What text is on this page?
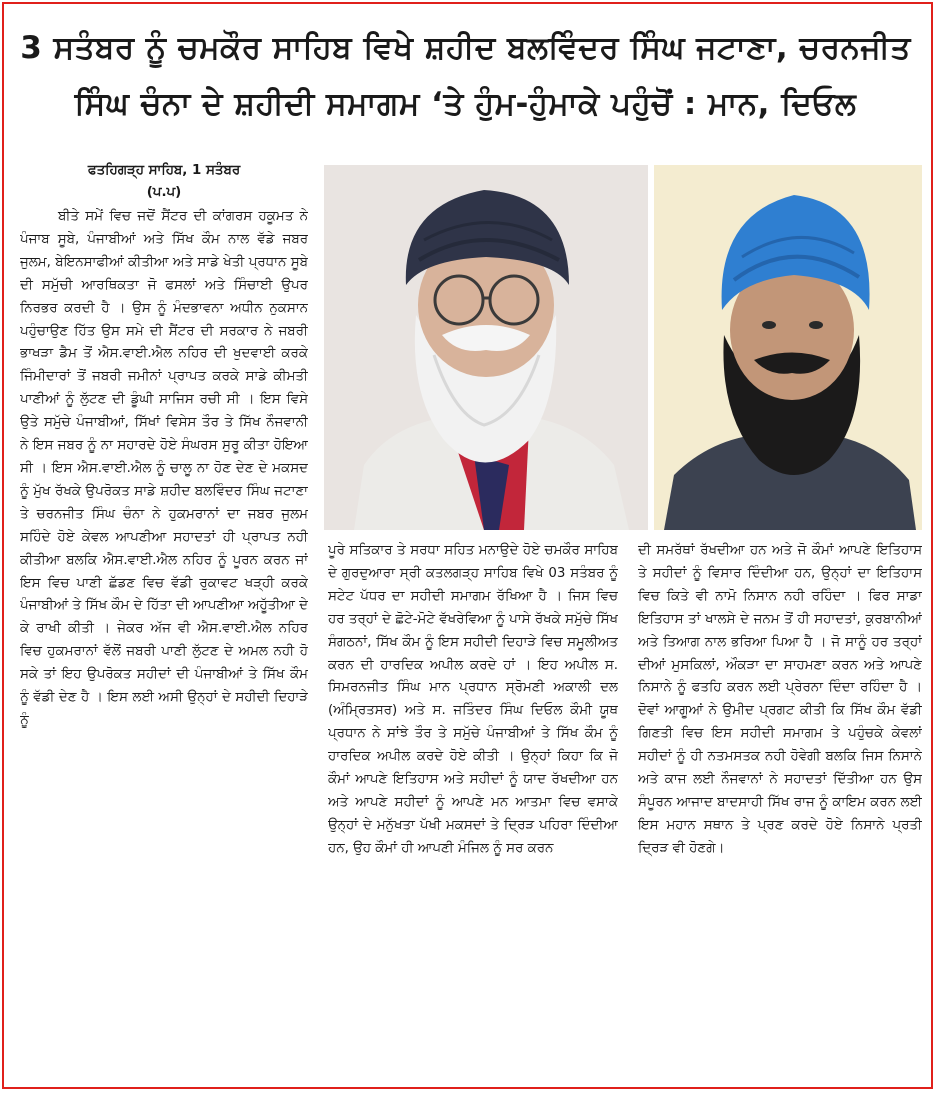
3 ਸਤੰਬਰ ਨੂੰ ਚਮਕੌਰ ਸਾਹਿਬ ਵਿਖੇ ਸ਼ਹੀਦ ਬਲਵਿੰਦਰ ਸਿੰਘ ਜਟਾਣਾ, ਚਰਨਜੀਤ
ਸਿੰਘ ਚੰਨਾ ਦੇ ਸ਼ਹੀਦੀ ਸਮਾਗਮ ‘ਤੇ ਹੁੰਮ-ਹੁੰਮਾਕੇ ਪਹੁੰਚੋਂ : ਮਾਨ, ਦਿਓਲ
ਫਤਹਿਗੜ੍ਹ ਸਾਹਿਬ, 1 ਸਤੰਬਰ
(ਪ.ਪ)

ਬੀਤੇ ਸਮੇਂ ਵਿਚ ਜਦੋਂ ਸੈਂਟਰ ਦੀ ਕਾਂਗਰਸ ਹਕੂਮਤ ਨੇ ਪੰਜਾਬ ਸੂਬੇ, ਪੰਜਾਬੀਆਂ ਅਤੇ ਸਿੱਖ ਕੌਮ ਨਾਲ ਵੱਡੇ ਜਬਰ ਜੁਲਮ, ਬੇਇਨਸਾਫੀਆਂ ਕੀਤੀਆ ਅਤੇ ਸਾਡੇ ਖੇਤੀ ਪ੍ਰਧਾਨ ਸੂਬੇ ਦੀ ਸਮੁੱਚੀ ਆਰਥਿਕਤਾ ਜੋ ਫਸਲਾਂ ਅਤੇ ਸਿੰਚਾਈ ਉਪਰ ਨਿਰਭਰ ਕਰਦੀ ਹੈ । ਉਸ ਨੂੰ ਮੰਦਭਾਵਨਾ ਅਧੀਨ ਨੁਕਸਾਨ ਪਹੁੰਚਾਉਣ ਹਿੱਤ ਉਸ ਸਮੇ ਦੀ ਸੈਂਟਰ ਦੀ ਸਰਕਾਰ ਨੇ ਜਬਰੀ ਭਾਖੜਾ ਡੈਮ ਤੋਂ ਐਸ.ਵਾਈ.ਐਲ ਨਹਿਰ ਦੀ ਖੁਦਵਾਈ ਕਰਕੇ ਜਿੰਮੀਦਾਰਾਂ ਤੋਂ ਜਬਰੀ ਜਮੀਨਾਂ ਪ੍ਰਾਪਤ ਕਰਕੇ ਸਾਡੇ ਕੀਮਤੀ ਪਾਣੀਆਂ ਨੂੰ ਲੁੱਟਣ ਦੀ ਡੂੰਘੀ ਸਾਜਿਸ ਰਚੀ ਸੀ । ਇਸ ਵਿਸੇ ਉਤੇ ਸਮੁੱਚੇ ਪੰਜਾਬੀਆਂ, ਸਿੱਖਾਂ ਵਿਸੇਸ ਤੌਰ ਤੇ ਸਿੱਖ ਨੌਜਵਾਨੀ ਨੇ ਇਸ ਜਬਰ ਨੂੰ ਨਾ ਸਹਾਰਦੇ ਹੋਏ ਸੰਘਰਸ ਸੁਰੂ ਕੀਤਾ ਹੋਇਆ ਸੀ । ਇਸ ਐਸ.ਵਾਈ.ਐਲ ਨੂੰ ਚਾਲੂ ਨਾ ਹੋਣ ਦੇਣ ਦੇ ਮਕਸਦ ਨੂੰ ਮੁੱਖ ਰੱਖਕੇ ਉਪਰੋਕਤ ਸਾਡੇ ਸ਼ਹੀਦ ਬਲਵਿੰਦਰ ਸਿੰਘ ਜਟਾਣਾ ਤੇ ਚਰਨਜੀਤ ਸਿੰਘ ਚੰਨਾ ਨੇ ਹੁਕਮਰਾਨਾਂ ਦਾ ਜਬਰ ਜੁਲਮ ਸਹਿੰਦੇ ਹੋਏ ਕੇਵਲ ਆਪਣੀਆ ਸਹਾਦਤਾਂ ਹੀ ਪ੍ਰਾਪਤ ਨਹੀ ਕੀਤੀਆ ਬਲਕਿ ਐਸ.ਵਾਈ.ਐਲ ਨਹਿਰ ਨੂੰ ਪੂਰਨ ਕਰਨ ਜਾਂ ਇਸ ਵਿਚ ਪਾਣੀ ਛੱਡਣ ਵਿਚ ਵੱਡੀ ਰੁਕਾਵਟ ਖੜ੍ਹੀ ਕਰਕੇ ਪੰਜਾਬੀਆਂ ਤੇ ਸਿੱਖ ਕੌਮ ਦੇ ਹਿੱਤਾ ਦੀ ਆਪਣੀਆ ਅਹੂੱਤੀਆ ਦੇ ਕੇ ਰਾਖੀ ਕੀਤੀ । ਜੇਕਰ ਅੱਜ ਵੀ ਐਸ.ਵਾਈ.ਐਲ ਨਹਿਰ ਵਿਚ ਹੁਕਮਰਾਨਾਂ ਵੱਲੋਂ ਜਬਰੀ ਪਾਣੀ ਲੁੱਟਣ ਦੇ ਅਮਲ ਨਹੀ ਹੋ ਸਕੇ ਤਾਂ ਇਹ ਉਪਰੋਕਤ ਸਹੀਦਾਂ ਦੀ ਪੰਜਾਬੀਆਂ ਤੇ ਸਿੱਖ ਕੌਮ ਨੂੰ ਵੱਡੀ ਦੇਣ ਹੈ । ਇਸ ਲਈ ਅਸੀ ਉਨ੍ਹਾਂ ਦੇ ਸਹੀਦੀ ਦਿਹਾੜੇ ਨੂੰ

ਪੂਰੇ ਸਤਿਕਾਰ ਤੇ ਸਰਧਾ ਸਹਿਤ ਮਨਾਉਦੇ ਹੋਏ ਚਮਕੌਰ ਸਾਹਿਬ ਦੇ ਗੁਰਦੁਆਰਾ ਸ੍ਰੀ ਕਤਲਗੜ੍ਹ ਸਾਹਿਬ ਵਿਖੇ 03 ਸਤੰਬਰ ਨੂੰ ਸਟੇਟ ਪੱਧਰ ਦਾ ਸਹੀਦੀ ਸਮਾਗਮ ਰੱਖਿਆ ਹੈ । ਜਿਸ ਵਿਚ ਹਰ ਤਰ੍ਹਾਂ ਦੇ ਛੋਟੇ-ਮੋਟੇ ਵੱਖਰੇਵਿਆ ਨੂੰ ਪਾਸੇ ਰੱਖਕੇ ਸਮੁੱਚੇ ਸਿੱਖ ਸੰਗਠਨਾਂ, ਸਿੱਖ ਕੌਮ ਨੂੰ ਇਸ ਸਹੀਦੀ ਦਿਹਾੜੇ ਵਿਚ ਸਮੂਲੀਅਤ ਕਰਨ ਦੀ ਹਾਰਦਿਕ ਅਪੀਲ ਕਰਦੇ ਹਾਂ । ਇਹ ਅਪੀਲ ਸ. ਸਿਮਰਨਜੀਤ ਸਿੰਘ ਮਾਨ ਪ੍ਰਧਾਨ ਸ੍ਰੋਮਣੀ ਅਕਾਲੀ ਦਲ (ਅੰਮ੍ਰਿਤਸਰ) ਅਤੇ ਸ. ਜਤਿੰਦਰ ਸਿੰਘ ਦਿਓਲ ਕੌਮੀ ਯੂਥ ਪ੍ਰਧਾਨ ਨੇ ਸਾਂਝੇ ਤੌਰ ਤੇ ਸਮੁੱਚੇ ਪੰਜਾਬੀਆਂ ਤੇ ਸਿੱਖ ਕੌਮ ਨੂੰ ਹਾਰਦਿਕ ਅਪੀਲ ਕਰਦੇ ਹੋਏ ਕੀਤੀ । ਉਨ੍ਹਾਂ ਕਿਹਾ ਕਿ ਜੋ ਕੌਮਾਂ ਆਪਣੇ ਇਤਿਹਾਸ ਅਤੇ ਸਹੀਦਾਂ ਨੂੰ ਯਾਦ ਰੱਖਦੀਆ ਹਨ ਅਤੇ ਆਪਣੇ ਸਹੀਦਾਂ ਨੂੰ ਆਪਣੇ ਮਨ ਆਤਮਾ ਵਿਚ ਵਸਾਕੇ ਉਨ੍ਹਾਂ ਦੇ ਮਨੁੱਖਤਾ ਪੱਖੀ ਮਕਸਦਾਂ ਤੇ ਦ੍ਰਿੜ ਪਹਿਰਾ ਦਿੰਦੀਆ ਹਨ, ਉਹ ਕੌਮਾਂ ਹੀ ਆਪਣੀ ਮੰਜਿਲ ਨੂੰ ਸਰ ਕਰਨ

ਦੀ ਸਮਰੱਥਾਂ ਰੱਖਦੀਆ ਹਨ ਅਤੇ ਜੋ ਕੌਮਾਂ ਆਪਣੇ ਇਤਿਹਾਸ ਤੇ ਸਹੀਦਾਂ ਨੂੰ ਵਿਸਾਰ ਦਿੰਦੀਆ ਹਨ, ਉਨ੍ਹਾਂ ਦਾ ਇਤਿਹਾਸ ਵਿਚ ਕਿਤੇ ਵੀ ਨਾਮੋ ਨਿਸਾਨ ਨਹੀ ਰਹਿੰਦਾ । ਫਿਰ ਸਾਡਾ ਇਤਿਹਾਸ ਤਾਂ ਖਾਲਸੇ ਦੇ ਜਨਮ ਤੋਂ ਹੀ ਸਹਾਦਤਾਂ, ਕੁਰਬਾਨੀਆਂ ਅਤੇ ਤਿਆਗ ਨਾਲ ਭਰਿਆ ਪਿਆ ਹੈ । ਜੋ ਸਾਨੂੰ ਹਰ ਤਰ੍ਹਾਂ ਦੀਆਂ ਮੁਸਕਿਲਾਂ, ਔਕੜਾ ਦਾ ਸਾਹਮਣਾ ਕਰਨ ਅਤੇ ਆਪਣੇ ਨਿਸਾਨੇ ਨੂੰ ਫਤਹਿ ਕਰਨ ਲਈ ਪ੍ਰੇਰਨਾ ਦਿੰਦਾ ਰਹਿੰਦਾ ਹੈ । ਦੋਵਾਂ ਆਗੂਆਂ ਨੇ ਉਮੀਦ ਪ੍ਰਗਟ ਕੀਤੀ ਕਿ ਸਿੱਖ ਕੌਮ ਵੱਡੀ ਗਿਣਤੀ ਵਿਚ ਇਸ ਸਹੀਦੀ ਸਮਾਗਮ ਤੇ ਪਹੁੰਚਕੇ ਕੇਵਲਾਂ ਸਹੀਦਾਂ ਨੂੰ ਹੀ ਨਤਮਸਤਕ ਨਹੀ ਹੋਵੇਗੀ ਬਲਕਿ ਜਿਸ ਨਿਸਾਨੇ ਅਤੇ ਕਾਜ ਲਈ ਨੌਜਵਾਨਾਂ ਨੇ ਸਹਾਦਤਾਂ ਦਿੱਤੀਆ ਹਨ ਉਸ ਸੰਪੂਰਨ ਆਜਾਦ ਬਾਦਸਾਹੀ ਸਿੱਖ ਰਾਜ ਨੂੰ ਕਾਇਮ ਕਰਨ ਲਈ ਇਸ ਮਹਾਨ ਸਥਾਨ ਤੇ ਪ੍ਰਣ ਕਰਦੇ ਹੋਏ ਨਿਸਾਨੇ ਪ੍ਰਤੀ ਦ੍ਰਿੜ ਵੀ ਹੋਣਗੇ।
